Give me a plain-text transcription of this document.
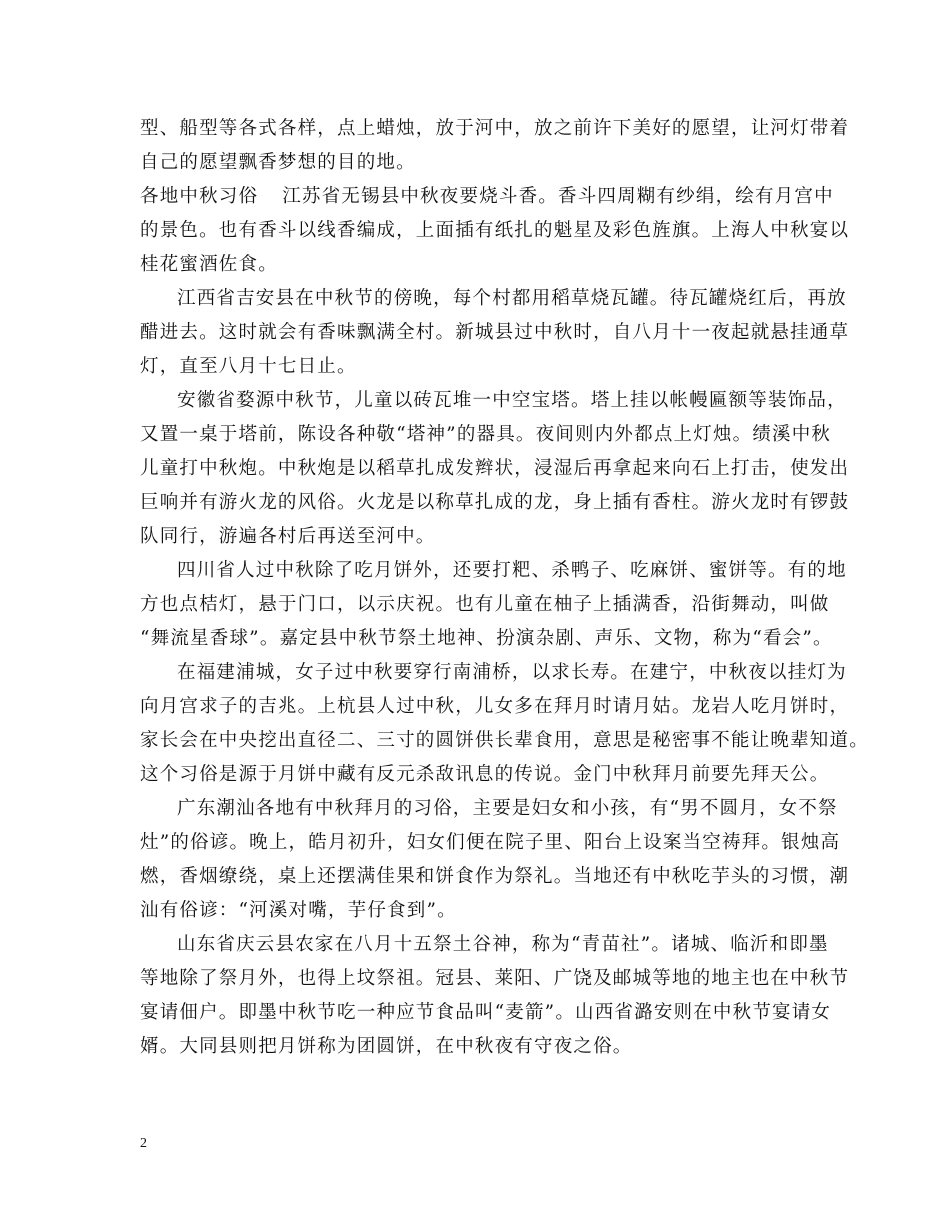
型、船型等各式各样，点上蜡烛，放于河中，放之前许下美好的愿望，让河灯带着
自己的愿望飘香梦想的目的地。
各地中秋习俗 江苏省无锡县中秋夜要烧斗香。香斗四周糊有纱绢，绘有月宫中
的景色。也有香斗以线香编成，上面插有纸扎的魁星及彩色旌旗。上海人中秋宴以
桂花蜜酒佐食。
江西省吉安县在中秋节的傍晚，每个村都用稻草烧瓦罐。待瓦罐烧红后，再放
醋进去。这时就会有香味飘满全村。新城县过中秋时，自八月十一夜起就悬挂通草
灯，直至八月十七日止。
安徽省婺源中秋节，儿童以砖瓦堆一中空宝塔。塔上挂以帐幔匾额等装饰品，
又置一桌于塔前，陈设各种敬“塔神”的器具。夜间则内外都点上灯烛。绩溪中秋
儿童打中秋炮。中秋炮是以稻草扎成发辫状，浸湿后再拿起来向石上打击，使发出
巨响并有游火龙的风俗。火龙是以称草扎成的龙，身上插有香柱。游火龙时有锣鼓
队同行，游遍各村后再送至河中。
四川省人过中秋除了吃月饼外，还要打粑、杀鸭子、吃麻饼、蜜饼等。有的地
方也点桔灯，悬于门口，以示庆祝。也有儿童在柚子上插满香，沿街舞动，叫做
“舞流星香球”。嘉定县中秋节祭土地神、扮演杂剧、声乐、文物，称为“看会”。
在福建浦城，女子过中秋要穿行南浦桥，以求长寿。在建宁，中秋夜以挂灯为
向月宫求子的吉兆。上杭县人过中秋，儿女多在拜月时请月姑。龙岩人吃月饼时，
家长会在中央挖出直径二、三寸的圆饼供长辈食用，意思是秘密事不能让晚辈知道。
这个习俗是源于月饼中藏有反元杀敌讯息的传说。金门中秋拜月前要先拜天公。
广东潮汕各地有中秋拜月的习俗，主要是妇女和小孩，有“男不圆月，女不祭
灶”的俗谚。晚上，皓月初升，妇女们便在院子里、阳台上设案当空祷拜。银烛高
燃，香烟缭绕，桌上还摆满佳果和饼食作为祭礼。当地还有中秋吃芋头的习惯，潮
汕有俗谚：“河溪对嘴，芋仔食到”。
山东省庆云县农家在八月十五祭土谷神，称为“青苗社”。诸城、临沂和即墨
等地除了祭月外，也得上坟祭祖。冠县、莱阳、广饶及邮城等地的地主也在中秋节
宴请佃户。即墨中秋节吃一种应节食品叫“麦箭”。山西省潞安则在中秋节宴请女
婿。大同县则把月饼称为团圆饼，在中秋夜有守夜之俗。
2
